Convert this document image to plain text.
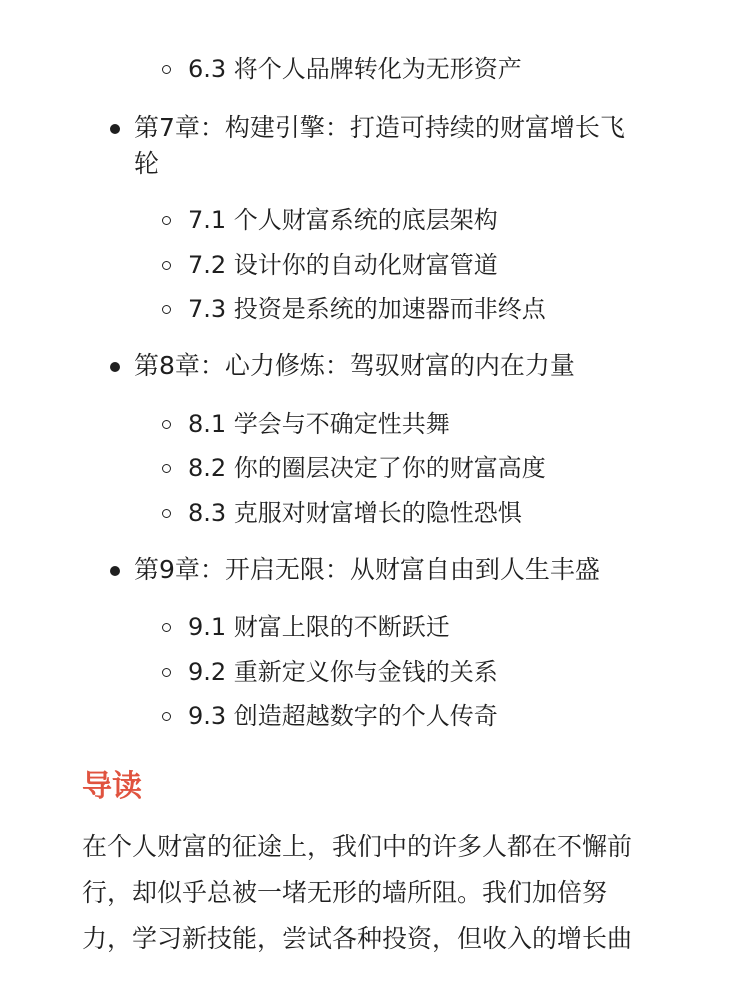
6.3 将个人品牌转化为无形资产
第7章：构建引擎：打造可持续的财富增长飞
轮
7.1 个人财富系统的底层架构
7.2 设计你的自动化财富管道
7.3 投资是系统的加速器而非终点
第8章：心力修炼：驾驭财富的内在力量
8.1 学会与不确定性共舞
8.2 你的圈层决定了你的财富高度
8.3 克服对财富增长的隐性恐惧
第9章：开启无限：从财富自由到人生丰盛
9.1 财富上限的不断跃迁
9.2 重新定义你与金钱的关系
9.3 创造超越数字的个人传奇
导读
在个人财富的征途上，我们中的许多人都在不懈前
行，却似乎总被一堵无形的墙所阻。我们加倍努
力，学习新技能，尝试各种投资，但收入的增长曲
